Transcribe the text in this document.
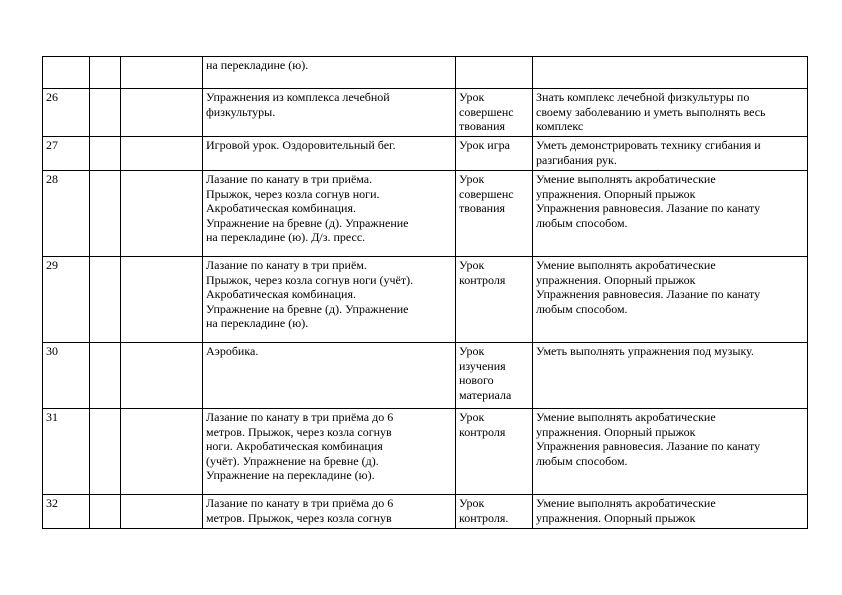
			на перекладине (ю).		

26			Упражнения из комплекса лечебной
физкультуры.	Урок
совершенс
твования	Знать комплекс лечебной физкультуры по
своему заболеванию и уметь выполнять весь
комплекс

27			Игровой урок. Оздоровительный бег.	Урок игра	Уметь демонстрировать технику сгибания и
разгибания рук.

28			Лазание по канату в три приёма.
Прыжок, через козла согнув ноги.
Акробатическая комбинация.
Упражнение на бревне (д). Упражнение
на перекладине (ю). Д/з. пресс.	Урок
совершенс
твования	Умение выполнять акробатические
упражнения. Опорный прыжок
Упражнения равновесия. Лазание по канату
любым способом.

29			Лазание по канату в три приём.
Прыжок, через козла согнув ноги (учёт).
Акробатическая комбинация.
Упражнение на бревне (д). Упражнение
на перекладине (ю).	Урок
контроля	Умение выполнять акробатические
упражнения. Опорный прыжок
Упражнения равновесия. Лазание по канату
любым способом.

30			Аэробика.	Урок
изучения
нового
материала	Уметь выполнять упражнения под музыку.

31			Лазание по канату в три приёма до 6
метров. Прыжок, через козла согнув
ноги. Акробатическая комбинация
(учёт). Упражнение на бревне (д).
Упражнение на перекладине (ю).	Урок
контроля	Умение выполнять акробатические
упражнения. Опорный прыжок
Упражнения равновесия. Лазание по канату
любым способом.

32			Лазание по канату в три приёма до 6
метров. Прыжок, через козла согнув	Урок
контроля.	Умение выполнять акробатические
упражнения. Опорный прыжок
